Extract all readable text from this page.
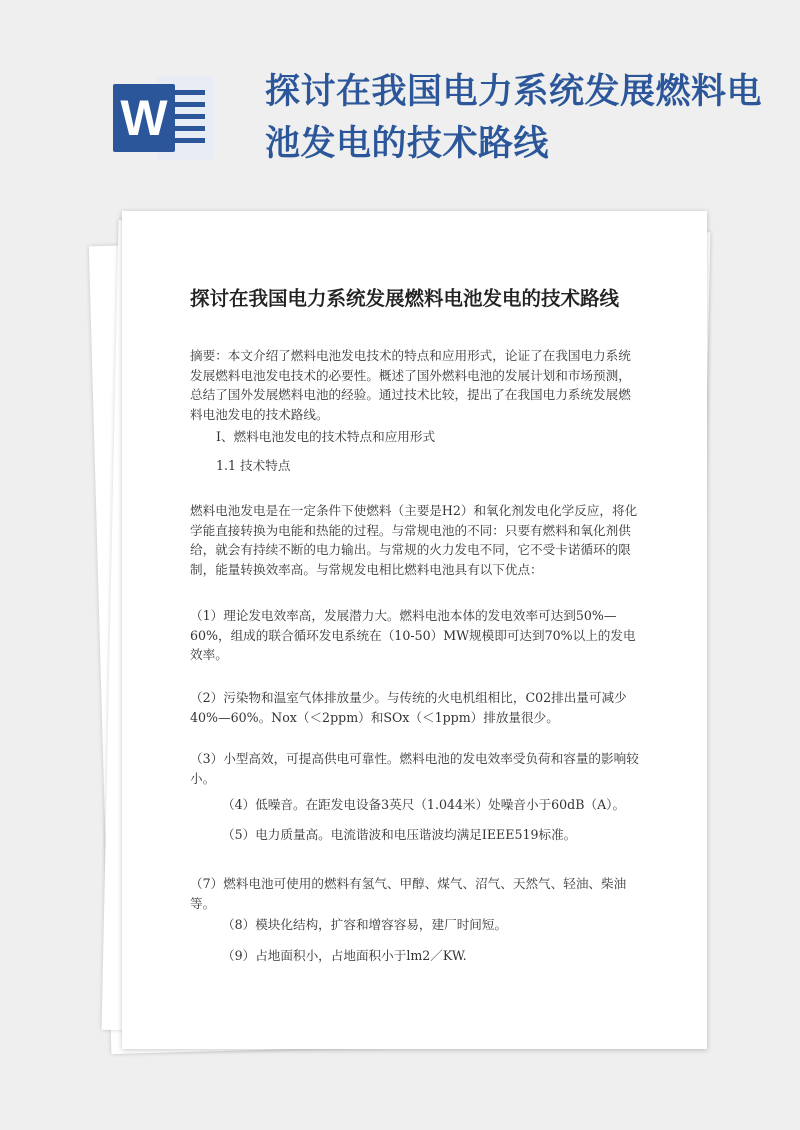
W	探讨在我国电力系统发展燃料电池发电的技术路线
探讨在我国电力系统发展燃料电池发电的技术路线

摘要：本文介绍了燃料电池发电技术的特点和应用形式，论证了在我国电力系统发展燃料电池发电技术的必要性。概述了国外燃料电池的发展计划和市场预测，总结了国外发展燃料电池的经验。通过技术比较，提出了在我国电力系统发展燃料电池发电的技术路线。

I、燃料电池发电的技术特点和应用形式

1.1 技术特点

燃料电池发电是在一定条件下使燃料（主要是H2）和氧化剂发电化学反应，将化学能直接转换为电能和热能的过程。与常规电池的不同：只要有燃料和氧化剂供给，就会有持续不断的电力输出。与常规的火力发电不同，它不受卡诺循环的限制，能量转换效率高。与常规发电相比燃料电池具有以下优点：

（1）理论发电效率高，发展潜力大。燃料电池本体的发电效率可达到50%—60%，组成的联合循环发电系统在（10-50）MW规模即可达到70%以上的发电效率。

（2）污染物和温室气体排放量少。与传统的火电机组相比，C02排出量可减少40%—60%。Nox（＜2ppm）和SOx（＜1ppm）排放量很少。

（3）小型高效，可提高供电可靠性。燃料电池的发电效率受负荷和容量的影响较小。

（4）低噪音。在距发电设备3英尺（1.044米）处噪音小于60dB（A）。

（5）电力质量高。电流谐波和电压谐波均满足IEEE519标准。

（7）燃料电池可使用的燃料有氢气、甲醇、煤气、沼气、天然气、轻油、柴油等。

（8）模块化结构，扩容和增容容易，建厂时间短。

（9）占地面积小，占地面积小于lm2／KW.
